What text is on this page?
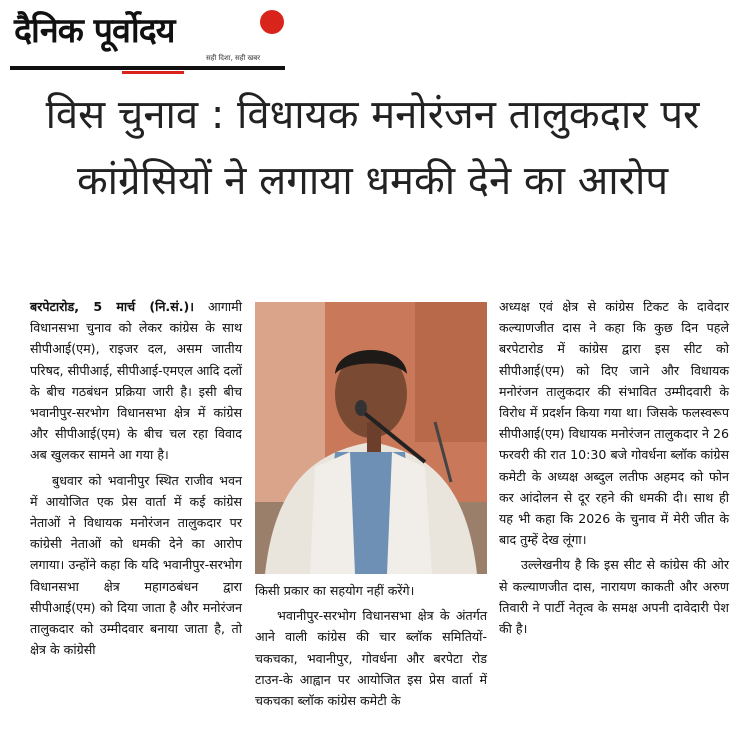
दैनिक पूर्वोदय
सही दिशा, सही खबर
विस चुनाव : विधायक मनोरंजन तालुकदार पर कांग्रेसियों ने लगाया धमकी देने का आरोप

बरपेटारोड, 5 मार्च (नि.सं.)। आगामी विधानसभा चुनाव को लेकर कांग्रेस के साथ सीपीआई(एम), राइजर दल, असम जातीय परिषद, सीपीआई, सीपीआई-एमएल आदि दलों के बीच गठबंधन प्रक्रिया जारी है। इसी बीच भवानीपुर-सरभोग विधानसभा क्षेत्र में कांग्रेस और सीपीआई(एम) के बीच चल रहा विवाद अब खुलकर सामने आ गया है।

बुधवार को भवानीपुर स्थित राजीव भवन में आयोजित एक प्रेस वार्ता में कई कांग्रेस नेताओं ने विधायक मनोरंजन तालुकदार पर कांग्रेसी नेताओं को धमकी देने का आरोप लगाया। उन्होंने कहा कि यदि भवानीपुर-सरभोग विधानसभा क्षेत्र महागठबंधन द्वारा सीपीआई(एम) को दिया जाता है और मनोरंजन तालुकदार को उम्मीदवार बनाया जाता है, तो क्षेत्र के कांग्रेसी

किसी प्रकार का सहयोग नहीं करेंगे।

भवानीपुर-सरभोग विधानसभा क्षेत्र के अंतर्गत आने वाली कांग्रेस की चार ब्लॉक समितियों-चकचका, भवानीपुर, गोवर्धना और बरपेटा रोड टाउन-के आह्वान पर आयोजित इस प्रेस वार्ता में चकचका ब्लॉक कांग्रेस कमेटी के

अध्यक्ष एवं क्षेत्र से कांग्रेस टिकट के दावेदार कल्याणजीत दास ने कहा कि कुछ दिन पहले बरपेटारोड में कांग्रेस द्वारा इस सीट को सीपीआई(एम) को दिए जाने और विधायक मनोरंजन तालुकदार की संभावित उम्मीदवारी के विरोध में प्रदर्शन किया गया था। जिसके फलस्वरूप सीपीआई(एम) विधायक मनोरंजन तालुकदार ने 26 फरवरी की रात 10:30 बजे गोवर्धना ब्लॉक कांग्रेस कमेटी के अध्यक्ष अब्दुल लतीफ अहमद को फोन कर आंदोलन से दूर रहने की धमकी दी। साथ ही यह भी कहा कि 2026 के चुनाव में मेरी जीत के बाद तुम्हें देख लूंगा।

उल्लेखनीय है कि इस सीट से कांग्रेस की ओर से कल्याणजीत दास, नारायण काकती और अरुण तिवारी ने पार्टी नेतृत्व के समक्ष अपनी दावेदारी पेश की है।
